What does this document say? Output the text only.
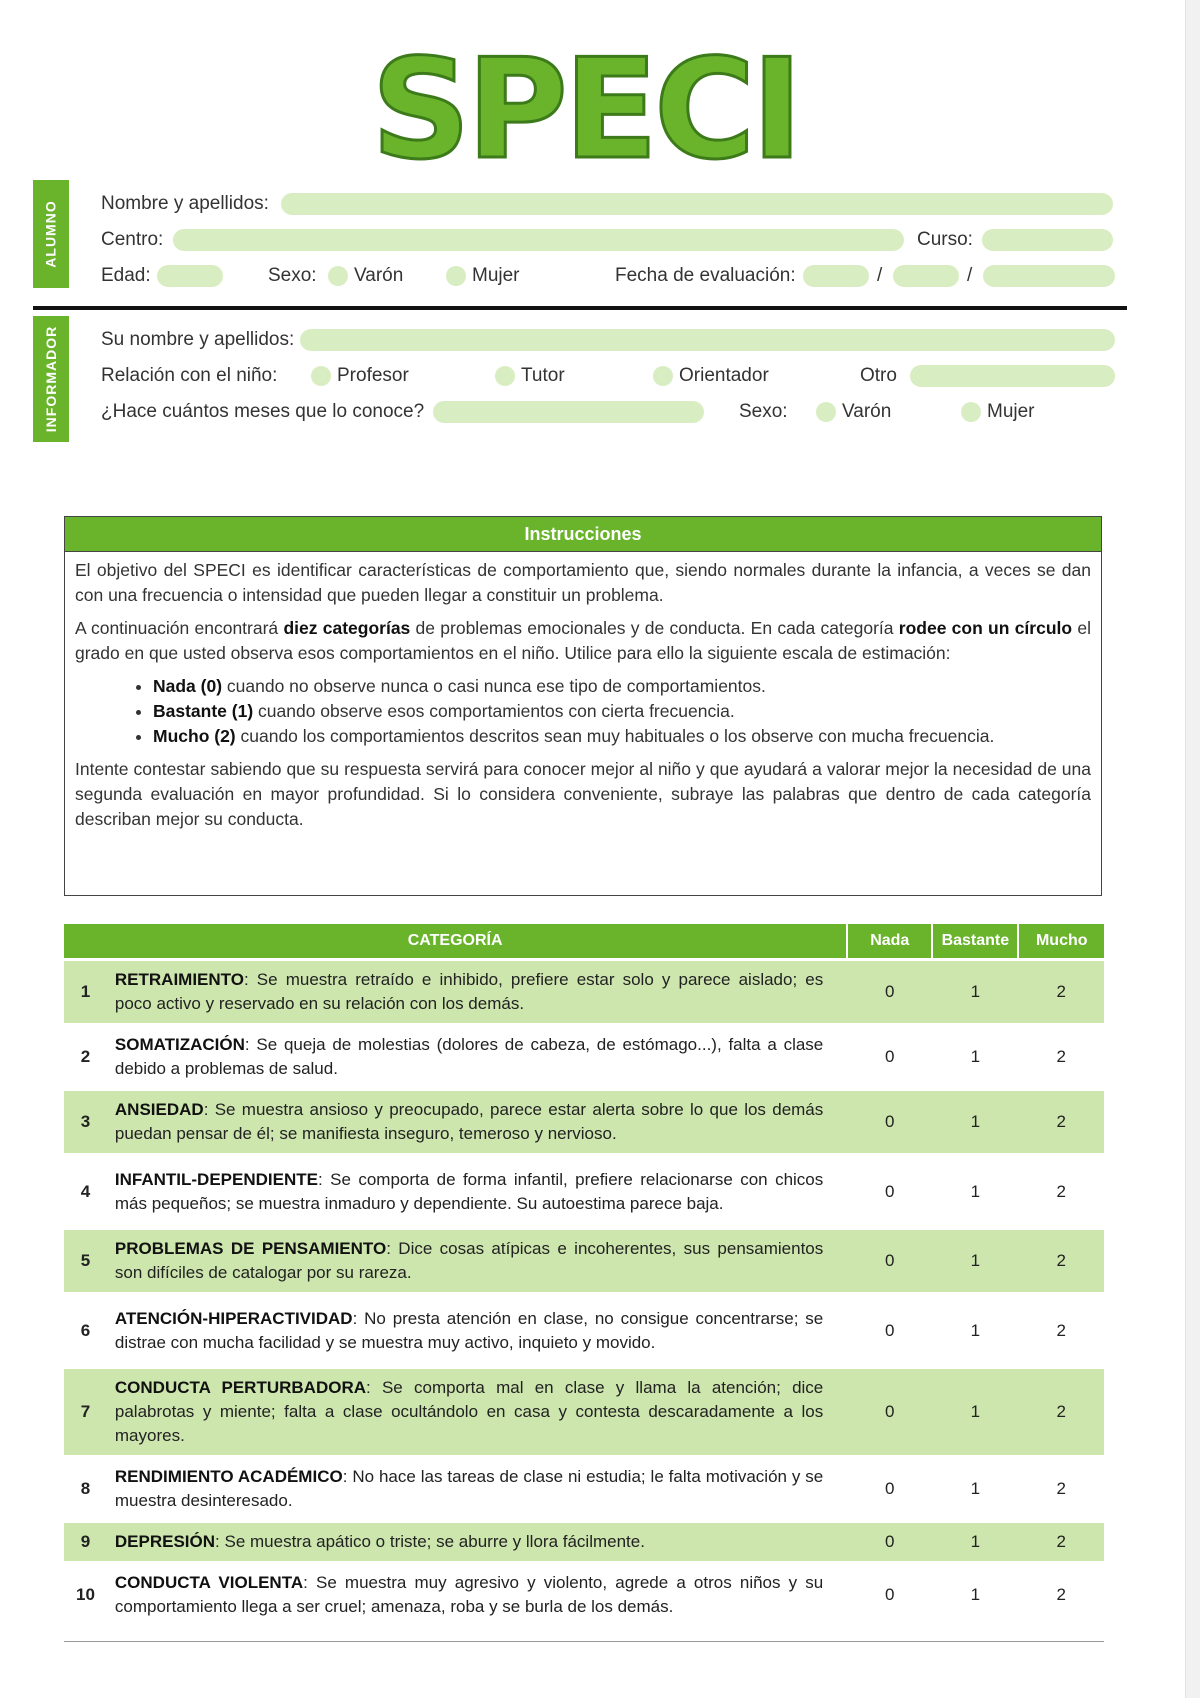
SPECI
ALUMNO Nombre y apellidos:
Centro:	Curso:
Edad:	Sexo: Varón	Mujer	Fecha de evaluación:	/	/
INFORMADOR Su nombre y apellidos:
Relación con el niño:	Profesor	Tutor	Orientador	Otro
¿Hace cuántos meses que lo conoce?	Sexo:	Varón	Mujer
Instrucciones

El objetivo del SPECI es identificar características de comportamiento que, siendo normales durante la infancia, a veces se dan con una frecuencia o intensidad que pueden llegar a constituir un problema.

A continuación encontrará diez categorías de problemas emocionales y de conducta. En cada categoría rodee con un círculo el grado en que usted observa esos comportamientos en el niño. Utilice para ello la siguiente escala de estimación:

• Nada (0) cuando no observe nunca o casi nunca ese tipo de comportamientos.
• Bastante (1) cuando observe esos comportamientos con cierta frecuencia.
• Mucho (2) cuando los comportamientos descritos sean muy habituales o los observe con mucha frecuencia.

Intente contestar sabiendo que su respuesta servirá para conocer mejor al niño y que ayudará a valorar mejor la necesidad de una segunda evaluación en mayor profundidad. Si lo considera conveniente, subraye las palabras que dentro de cada categoría describan mejor su conducta.

CATEGORÍA		Nada	Bastante	Mucho
1	RETRAIMIENTO: Se muestra retraído e inhibido, prefiere estar solo y parece aislado; es poco activo y reservado en su relación con los demás.	0	1	2
2	SOMATIZACIÓN: Se queja de molestias (dolores de cabeza, de estómago...), falta a clase debido a problemas de salud.	0	1	2
3	ANSIEDAD: Se muestra ansioso y preocupado, parece estar alerta sobre lo que los demás puedan pensar de él; se manifiesta inseguro, temeroso y nervioso.	0	1	2
4	INFANTIL-DEPENDIENTE: Se comporta de forma infantil, prefiere relacionarse con chicos más pequeños; se muestra inmaduro y dependiente. Su autoestima parece baja.	0	1	2
5	PROBLEMAS DE PENSAMIENTO: Dice cosas atípicas e incoherentes, sus pensamientos son difíciles de catalogar por su rareza.	0	1	2
6	ATENCIÓN-HIPERACTIVIDAD: No presta atención en clase, no consigue concentrarse; se distrae con mucha facilidad y se muestra muy activo, inquieto y movido.	0	1	2
7	CONDUCTA PERTURBADORA: Se comporta mal en clase y llama la atención; dice palabrotas y miente; falta a clase ocultándolo en casa y contesta descaradamente a los mayores.	0	1	2
8	RENDIMIENTO ACADÉMICO: No hace las tareas de clase ni estudia; le falta motivación y se muestra desinteresado.	0	1	2
9	DEPRESIÓN: Se muestra apático o triste; se aburre y llora fácilmente.	0	1	2
10	CONDUCTA VIOLENTA: Se muestra muy agresivo y violento, agrede a otros niños y su comportamiento llega a ser cruel; amenaza, roba y se burla de los demás.	0	1	2
